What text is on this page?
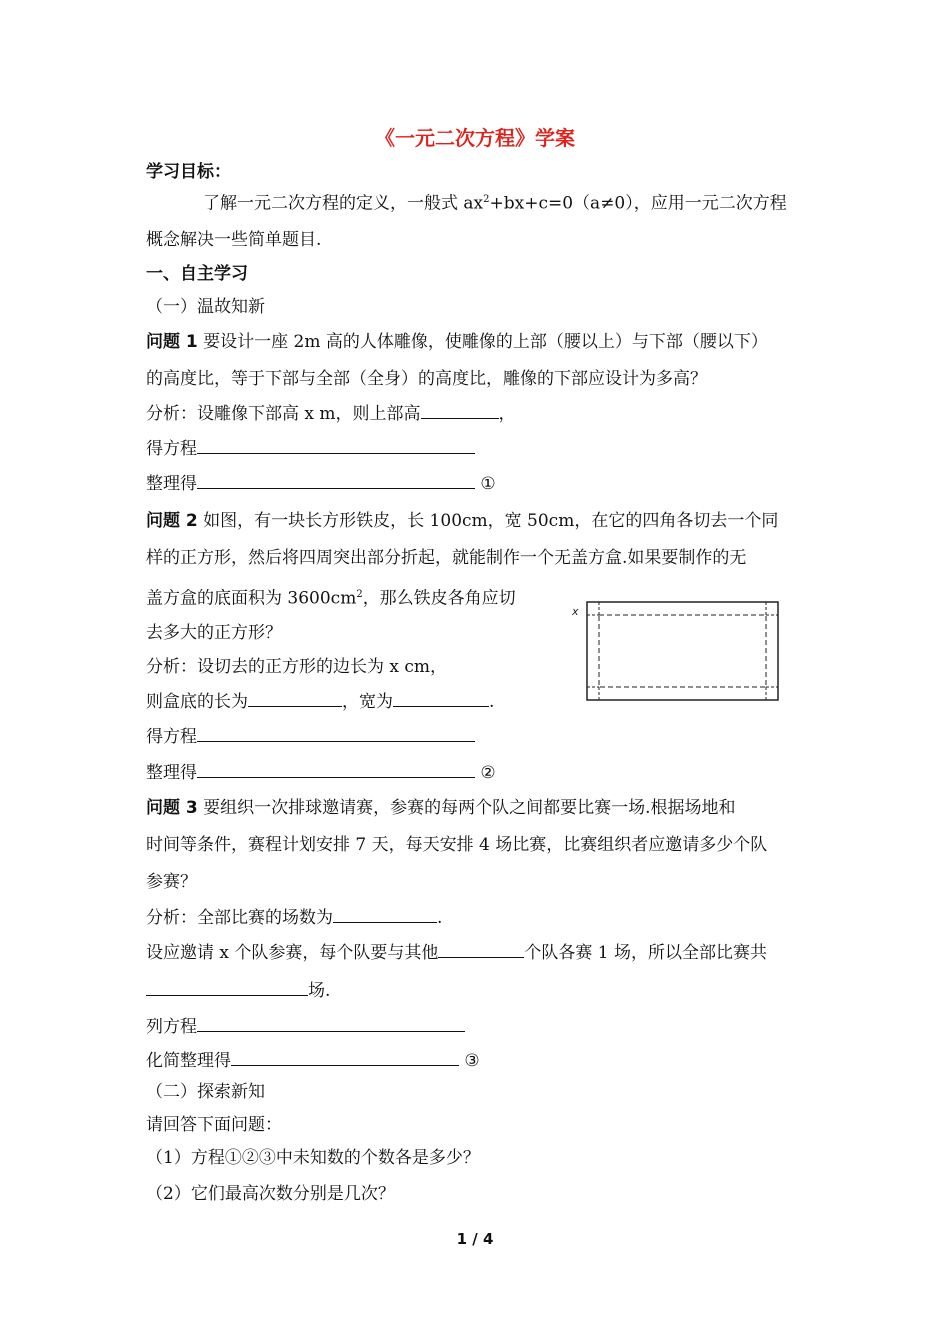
《一元二次方程》学案
学习目标：
了解一元二次方程的定义，一般式 $ax^2+bx+c=0(a\ne 0)$，应用一元二次方程
概念解决一些简单题目.
一、自主学习
（一）温故知新
问题 1 要设计一座 2m 高的人体雕像，使雕像的上部（腰以上）与下部（腰以下）
的高度比，等于下部与全部（全身）的高度比，雕像的下部应设计为多高？
分析：设雕像下部高 x m，则上部高	，
得方程
整理得	①
问题 2 如图，有一块长方形铁皮，长 100cm，宽 50cm，在它的四角各切去一个同
样的正方形，然后将四周突出部分折起，就能制作一个无盖方盒.如果要制作的无
盖方盒的底面积为 $3600cm^2$，那么铁皮各角应切
去多大的正方形？
分析：设切去的正方形的边长为 x cm，
则盒底的长为	，宽为	.
得方程
整理得	②
x
问题 3 要组织一次排球邀请赛，参赛的每两个队之间都要比赛一场.根据场地和
时间等条件，赛程计划安排 7 天，每天安排 4 场比赛，比赛组织者应邀请多少个队
参赛？
分析：全部比赛的场数为	.
设应邀请 x 个队参赛，每个队要与其他	个队各赛 1 场，所以全部比赛共
场.
列方程
化简整理得	③
（二）探索新知
请回答下面问题：
（1）方程①②③中未知数的个数各是多少？
（2）它们最高次数分别是几次？
1 / 4
